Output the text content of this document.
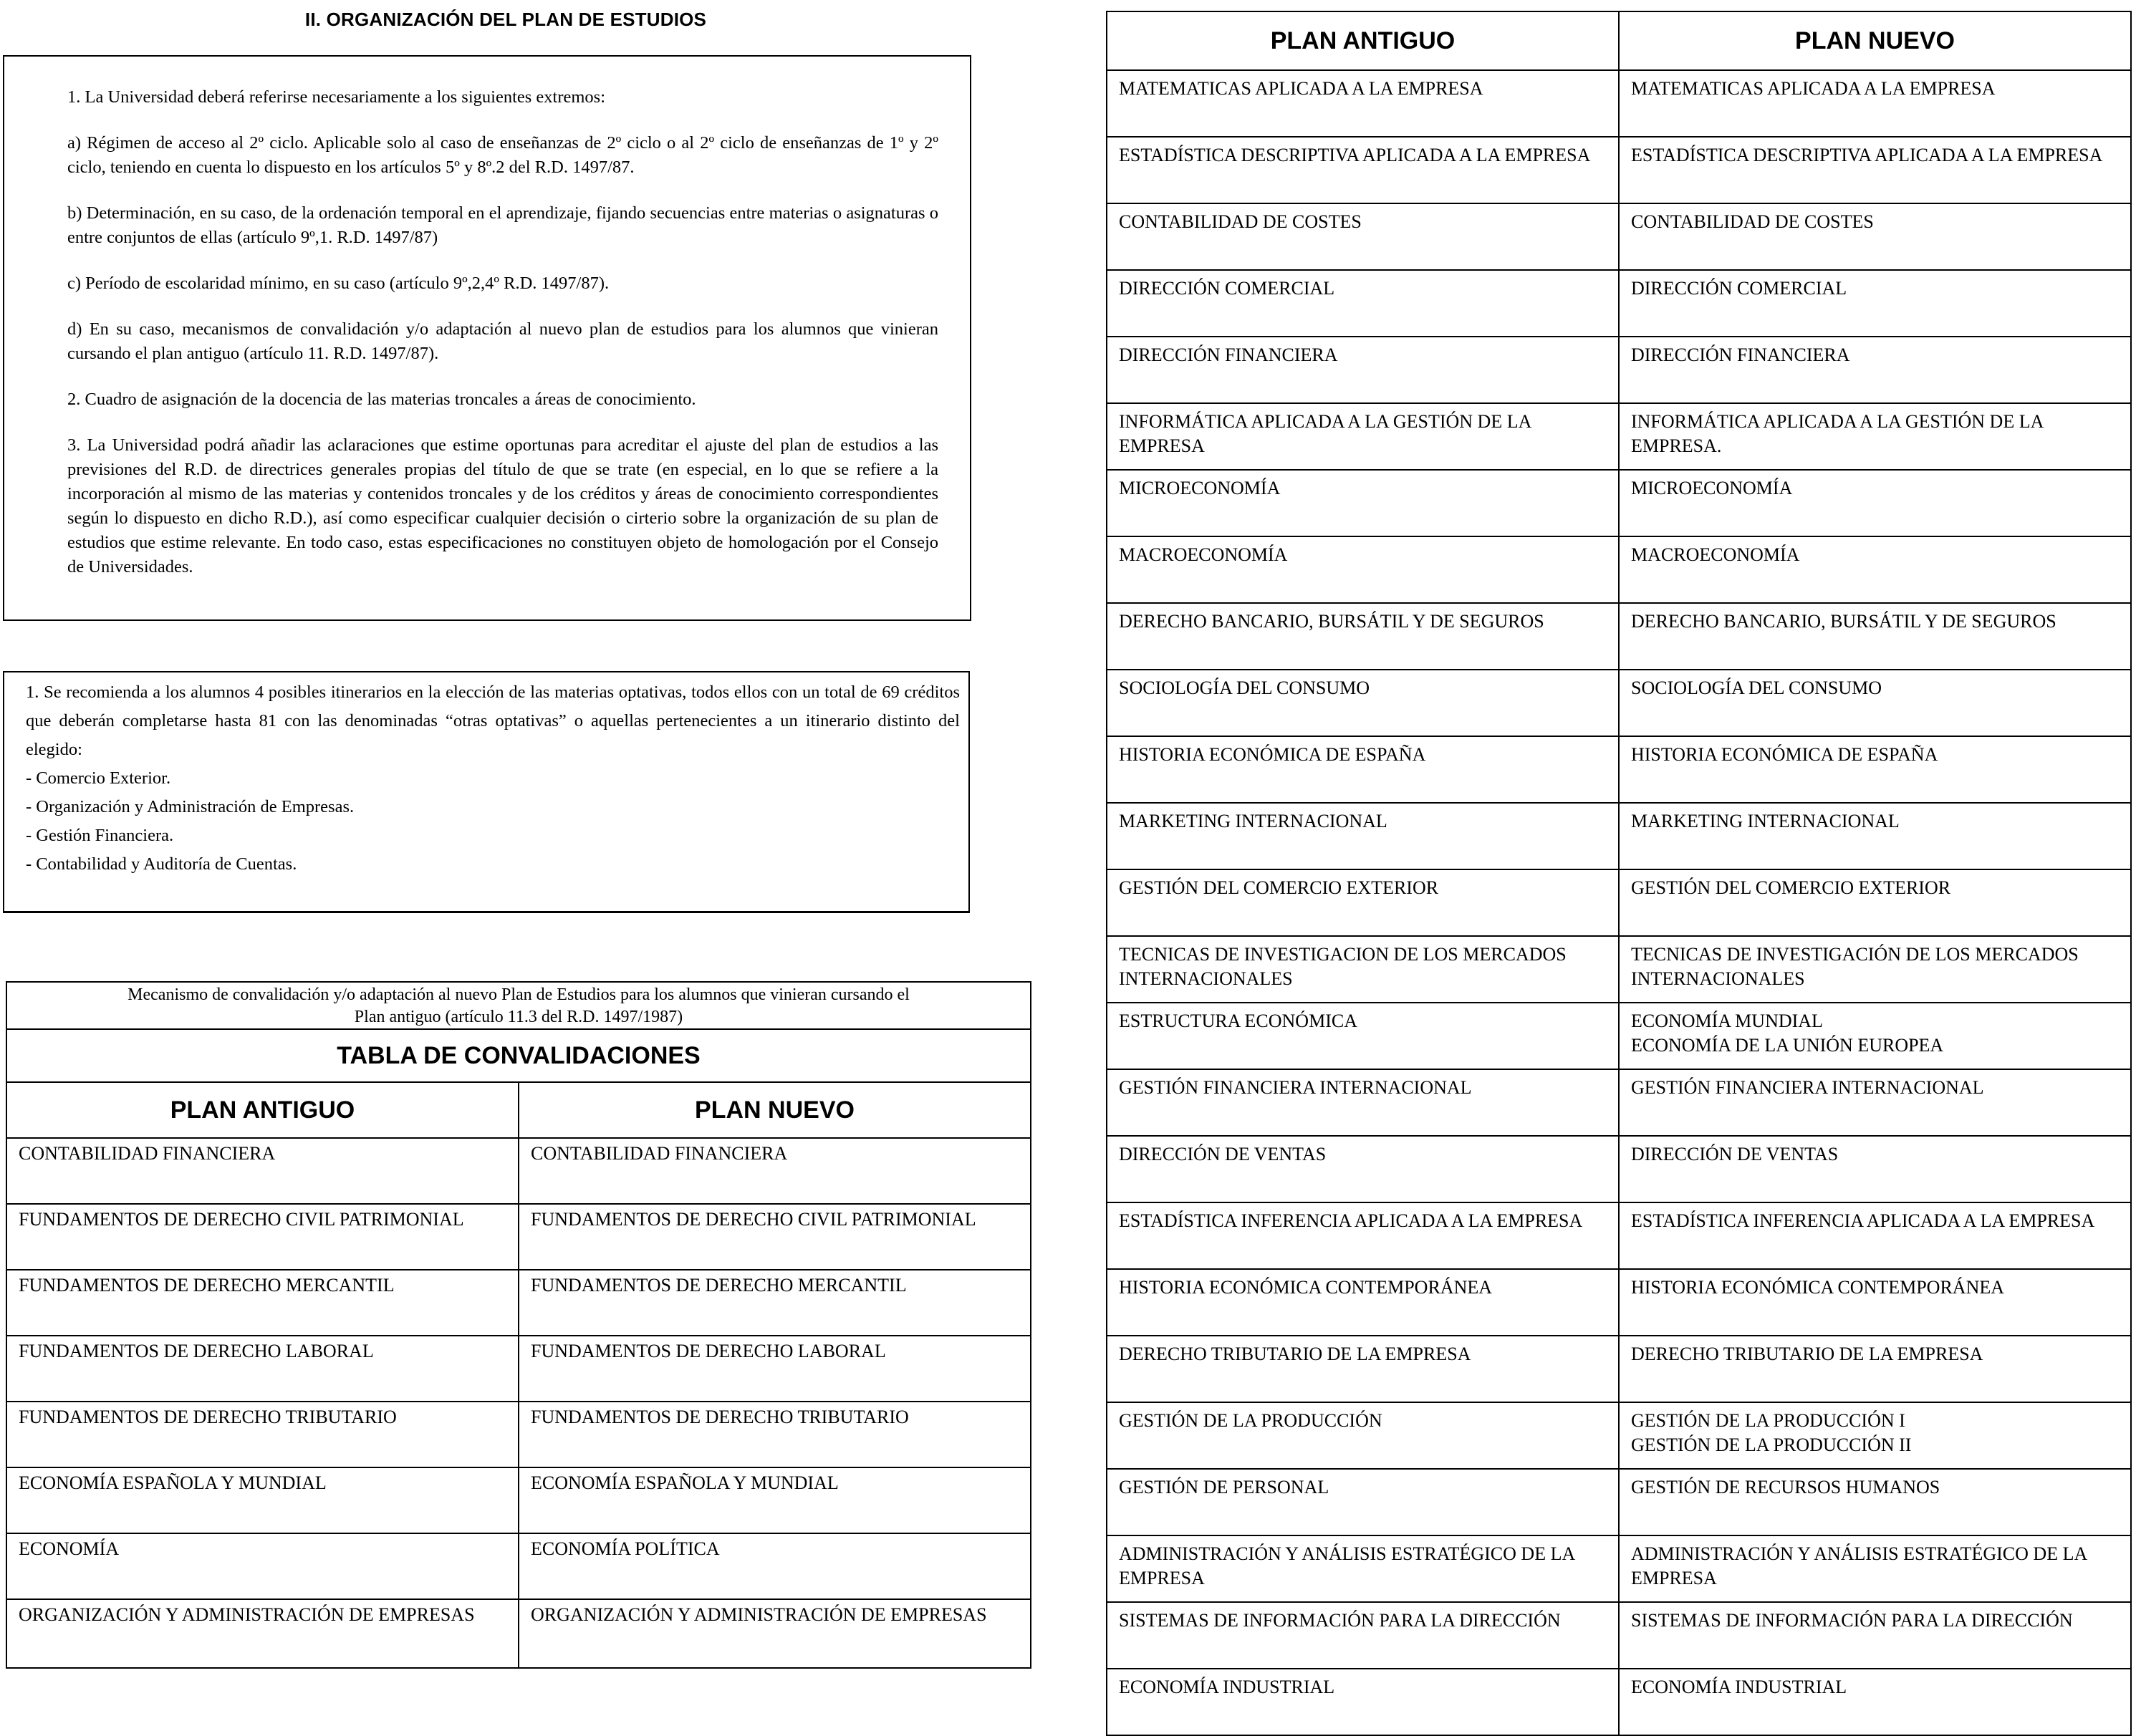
II. ORGANIZACIÓN DEL PLAN DE ESTUDIOS

1. La Universidad deberá referirse necesariamente a los siguientes extremos:

a) Régimen de acceso al 2º ciclo. Aplicable solo al caso de enseñanzas de 2º ciclo o al 2º ciclo de enseñanzas de 1º y 2º ciclo, teniendo en cuenta lo dispuesto en los artículos 5º y 8º.2 del R.D. 1497/87.

b) Determinación, en su caso, de la ordenación temporal en el aprendizaje, fijando secuencias entre materias o asignaturas o entre conjuntos de ellas (artículo 9º,1. R.D. 1497/87)

c) Período de escolaridad mínimo, en su caso (artículo 9º,2,4º R.D. 1497/87).

d) En su caso, mecanismos de convalidación y/o adaptación al nuevo plan de estudios para los alumnos que vinieran cursando el plan antiguo (artículo 11. R.D. 1497/87).

2. Cuadro de asignación de la docencia de las materias troncales a áreas de conocimiento.

3. La Universidad podrá añadir las aclaraciones que estime oportunas para acreditar el ajuste del plan de estudios a las previsiones del R.D. de directrices generales propias del título de que se trate (en especial, en lo que se refiere a la incorporación al mismo de las materias y contenidos troncales y de los créditos y áreas de conocimiento correspondientes según lo dispuesto en dicho R.D.), así como especificar cualquier decisión o cirterio sobre la organización de su plan de estudios que estime relevante. En todo caso, estas especificaciones no constituyen objeto de homologación por el Consejo de Universidades.

1. Se recomienda a los alumnos 4 posibles itinerarios en la elección de las materias optativas, todos ellos con un total de 69 créditos que deberán completarse hasta 81 con las denominadas “otras optativas” o aquellas pertenecientes a un itinerario distinto del elegido:

- Comercio Exterior.
- Organización y Administración de Empresas.
- Gestión Financiera.
- Contabilidad y Auditoría de Cuentas.
Mecanismo de convalidación y/o adaptación al nuevo Plan de Estudios para los alumnos que vinieran cursando el
Plan antiguo (artículo 11.3 del R.D. 1497/1987)
TABLA DE CONVALIDACIONES
PLAN ANTIGUO	PLAN NUEVO
CONTABILIDAD FINANCIERA	CONTABILIDAD FINANCIERA
FUNDAMENTOS DE DERECHO CIVIL PATRIMONIAL	FUNDAMENTOS DE DERECHO CIVIL PATRIMONIAL
FUNDAMENTOS DE DERECHO MERCANTIL	FUNDAMENTOS DE DERECHO MERCANTIL
FUNDAMENTOS DE DERECHO LABORAL	FUNDAMENTOS DE DERECHO LABORAL
FUNDAMENTOS DE DERECHO TRIBUTARIO	FUNDAMENTOS DE DERECHO TRIBUTARIO
ECONOMÍA ESPAÑOLA Y MUNDIAL	ECONOMÍA ESPAÑOLA Y MUNDIAL
ECONOMÍA	ECONOMÍA POLÍTICA
ORGANIZACIÓN Y ADMINISTRACIÓN DE EMPRESAS	ORGANIZACIÓN Y ADMINISTRACIÓN DE EMPRESAS
PLAN ANTIGUO	PLAN NUEVO
MATEMATICAS APLICADA A LA EMPRESA	MATEMATICAS APLICADA A LA EMPRESA
ESTADÍSTICA DESCRIPTIVA APLICADA A LA EMPRESA	ESTADÍSTICA DESCRIPTIVA APLICADA A LA EMPRESA
CONTABILIDAD DE COSTES	CONTABILIDAD DE COSTES
DIRECCIÓN COMERCIAL	DIRECCIÓN COMERCIAL
DIRECCIÓN FINANCIERA	DIRECCIÓN FINANCIERA
INFORMÁTICA APLICADA A LA GESTIÓN DE LA EMPRESA	INFORMÁTICA APLICADA A LA GESTIÓN DE LA EMPRESA.
MICROECONOMÍA	MICROECONOMÍA
MACROECONOMÍA	MACROECONOMÍA
DERECHO BANCARIO, BURSÁTIL Y DE SEGUROS	DERECHO BANCARIO, BURSÁTIL Y DE SEGUROS
SOCIOLOGÍA DEL CONSUMO	SOCIOLOGÍA DEL CONSUMO
HISTORIA ECONÓMICA DE ESPAÑA	HISTORIA ECONÓMICA DE ESPAÑA
MARKETING INTERNACIONAL	MARKETING INTERNACIONAL
GESTIÓN DEL COMERCIO EXTERIOR	GESTIÓN DEL COMERCIO EXTERIOR
TECNICAS DE INVESTIGACION DE LOS MERCADOS INTERNACIONALES	TECNICAS DE INVESTIGACIÓN DE LOS MERCADOS INTERNACIONALES
ESTRUCTURA ECONÓMICA	ECONOMÍA MUNDIAL
ECONOMÍA DE LA UNIÓN EUROPEA
GESTIÓN FINANCIERA INTERNACIONAL	GESTIÓN FINANCIERA INTERNACIONAL
DIRECCIÓN DE VENTAS	DIRECCIÓN DE VENTAS
ESTADÍSTICA INFERENCIA APLICADA A LA EMPRESA	ESTADÍSTICA INFERENCIA APLICADA A LA EMPRESA
HISTORIA ECONÓMICA CONTEMPORÁNEA	HISTORIA ECONÓMICA CONTEMPORÁNEA
DERECHO TRIBUTARIO DE LA EMPRESA	DERECHO TRIBUTARIO DE LA EMPRESA
GESTIÓN DE LA PRODUCCIÓN	GESTIÓN DE LA PRODUCCIÓN I
GESTIÓN DE LA PRODUCCIÓN II
GESTIÓN DE PERSONAL	GESTIÓN DE RECURSOS HUMANOS
ADMINISTRACIÓN Y ANÁLISIS ESTRATÉGICO DE LA EMPRESA	ADMINISTRACIÓN Y ANÁLISIS ESTRATÉGICO DE LA EMPRESA
SISTEMAS DE INFORMACIÓN PARA LA DIRECCIÓN	SISTEMAS DE INFORMACIÓN PARA LA DIRECCIÓN
ECONOMÍA INDUSTRIAL	ECONOMÍA INDUSTRIAL
